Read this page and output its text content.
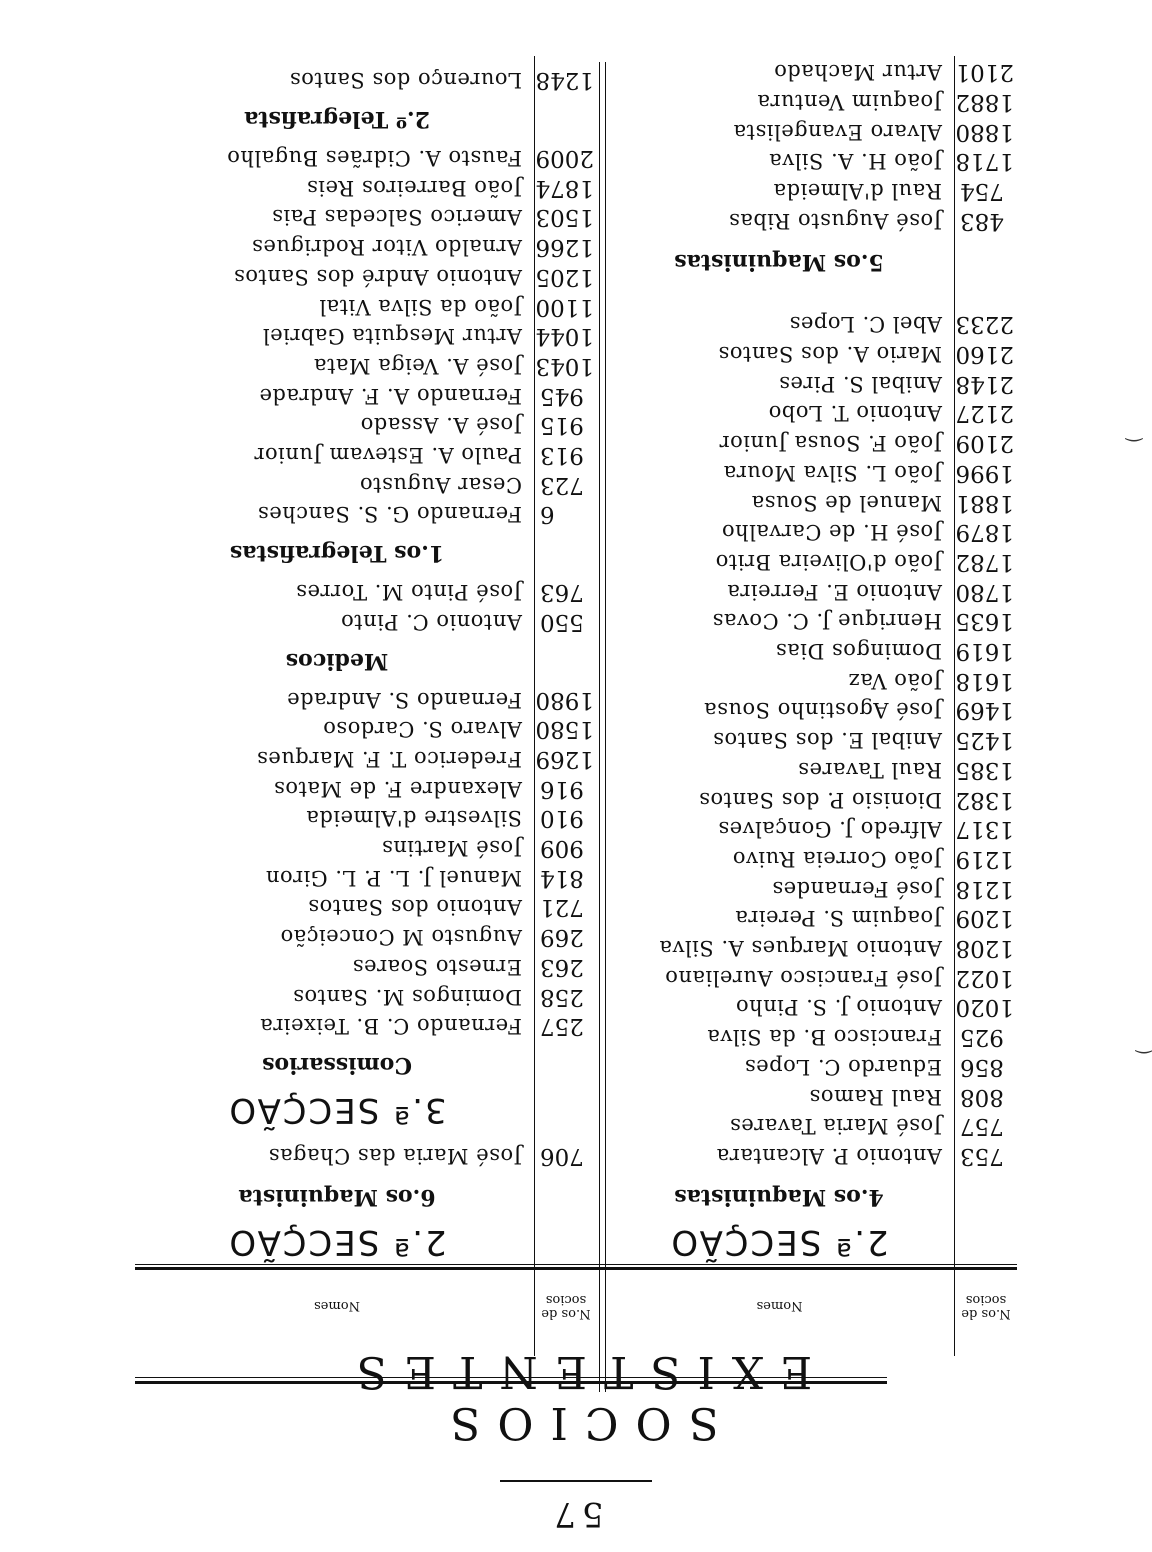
57
SOCIOS EXISTENTES
N.os de socios
Nomes
N.os de socios
Nomes
2.ª SECÇÃO
4.os Maquinistas
753
Antonio P. Alcantara
757
José Maria Tavares
808
Raul Ramos
856
Eduardo C. Lopes
925
Francisco B. da Silva
1020
Antonio J. S. Pinho
1022
José Francisco Aureliano
1208
Antonio Marques A. Silva
1209
Joaquim S. Pereira
1218
José Fernandes
1219
João Correia Ruivo
1317
Alfredo J. Gonçalves
1382
Dionisio P. dos Santos
1385
Raul Tavares
1425
Anibal E. dos Santos
1469
José Agostinho Sousa
1618
João Vaz
1619
Domingos Dias
1635
Henrique J. C. Covas
1780
Antonio E. Ferreira
1782
João d'Oliveira Brito
1879
José H. de Carvalho
1881
Manuel de Sousa
1996
João L. Silva Moura
2109
João F. Sousa Junior
2127
Antonio T. Lobo
2148
Anibal S. Pires
2160
Mario A. dos Santos
2233
Abel C. Lopes
5.os Maquinistas
483
José Augusto Ribas
754
Raul d'Almeida
1718
João H. A. Silva
1880
Alvaro Evangelista
1882
Joaquim Ventura
2101
Artur Machado
2.ª SECÇÃO
6.os Maquinista
706
José Maria das Chagas
3.ª SECÇÃO
Comissarios
257
Fernando C. B. Teixeira
258
Domingos M. Santos
263
Ernesto Soares
269
Augusto M Conceição
721
Antonio dos Santos
814
Manuel J. L. P. L. Giron
909
José Martins
910
Silvestre d'Almeida
916
Alexandre F. de Matos
1269
Frederico T. F. Marques
1580
Alvaro S. Cardoso
1980
Fernando S. Andrade
Medicos
550
Antonio C. Pinto
763
José Pinto M. Torres
1.os Telegrafistas
6
Fernando G. S. Sanches
723
Cesar Augusto
913
Paulo A. Estevam Junior
915
José A. Assado
945
Fernando A. F. Andrade
1043
José A. Veiga Mata
1044
Artur Mesquita Gabriel
1100
João da Silva Vital
1205
Antonio André dos Santos
1266
Arnaldo Vitor Rodrigues
1503
Americo Salcedas Pais
1874
João Barreiros Reis
2009
Fausto A. Cidrães Bugalho
2.º Telegrafista
1248
Lourenço dos Santos
⁀
⁀
